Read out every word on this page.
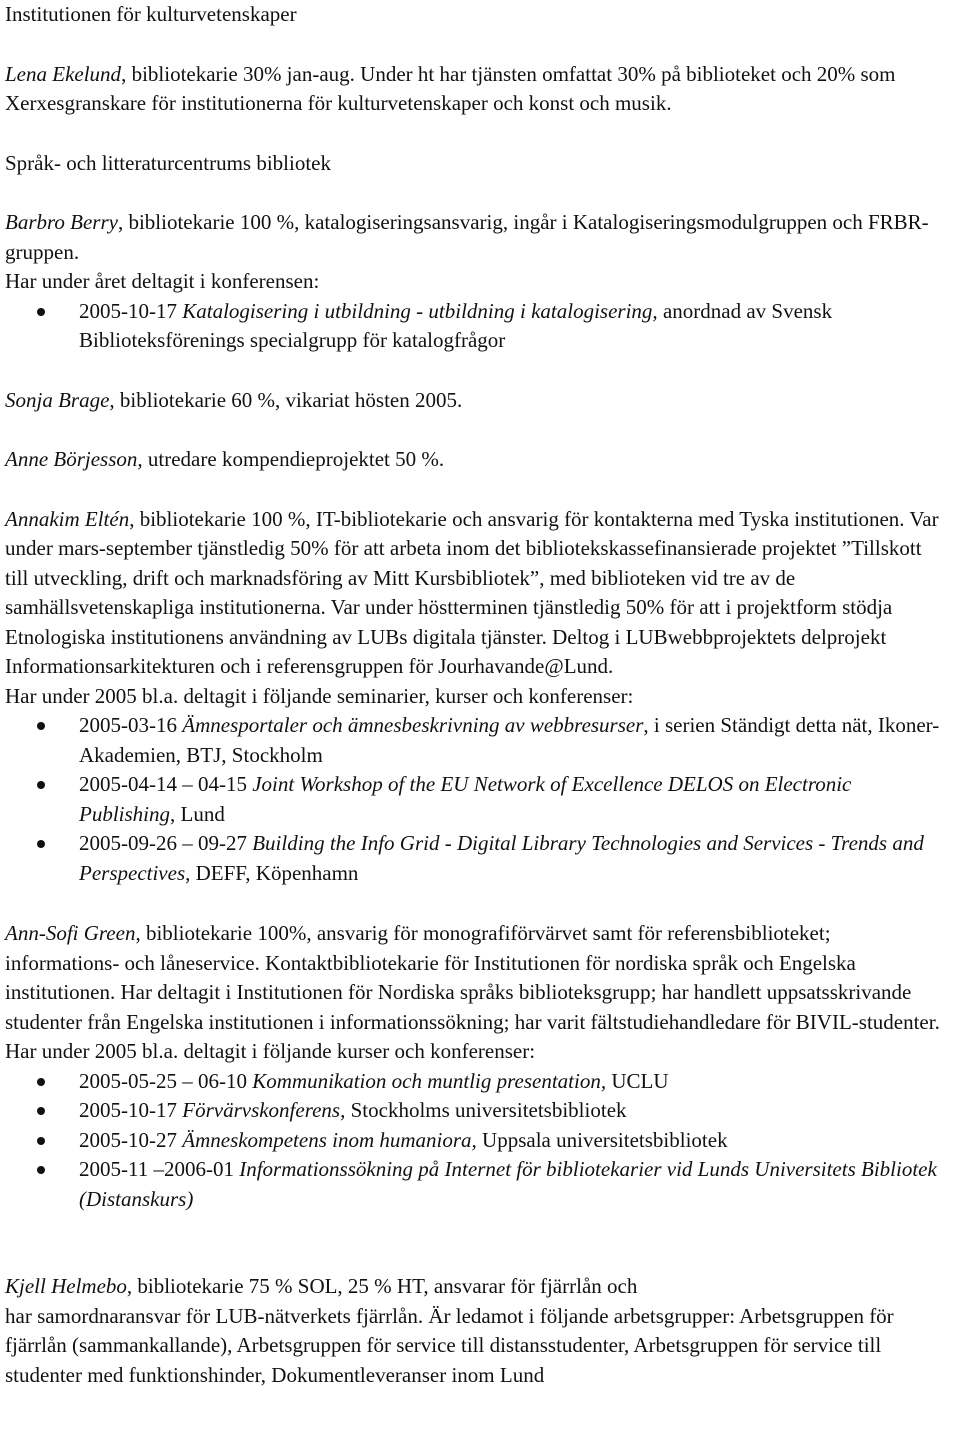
Institutionen för kulturvetenskaper

Lena Ekelund, bibliotekarie 30% jan-aug. Under ht har tjänsten omfattat 30% på biblioteket och 20% som Xerxesgranskare för institutionerna för kulturvetenskaper och konst och musik.

Språk- och litteraturcentrums bibliotek

Barbro Berry, bibliotekarie 100 %, katalogiseringsansvarig, ingår i Katalogiseringsmodulgruppen och FRBR-gruppen.

Har under året deltagit i konferensen:

2005-10-17 Katalogisering i utbildning - utbildning i katalogisering, anordnad av Svensk Biblioteksförenings specialgrupp för katalogfrågor

Sonja Brage, bibliotekarie 60 %, vikariat hösten 2005.

Anne Börjesson, utredare kompendieprojektet 50 %.

Annakim Eltén, bibliotekarie 100 %, IT-bibliotekarie och ansvarig för kontakterna med Tyska institutionen. Var under mars-september tjänstledig 50% för att arbeta inom det bibliotekskassefinansierade projektet ”Tillskott till utveckling, drift och marknadsföring av Mitt Kursbibliotek”, med biblioteken vid tre av de samhällsvetenskapliga institutionerna. Var under höstterminen tjänstledig 50% för att i projektform stödja Etnologiska institutionens användning av LUBs digitala tjänster. Deltog i LUBwebbprojektets delprojekt Informationsarkitekturen och i referensgruppen för Jourhavande@Lund.

Har under 2005 bl.a. deltagit i följande seminarier, kurser och konferenser:

2005-03-16 Ämnesportaler och ämnesbeskrivning av webbresurser, i serien Ständigt detta nät, Ikoner-Akademien, BTJ, Stockholm
2005-04-14 – 04-15 Joint Workshop of the EU Network of Excellence DELOS on Electronic Publishing, Lund
2005-09-26 – 09-27 Building the Info Grid - Digital Library Technologies and Services - Trends and Perspectives, DEFF, Köpenhamn

Ann-Sofi Green, bibliotekarie 100%, ansvarig för monografiförvärvet samt för referensbiblioteket; informations- och låneservice. Kontaktbibliotekarie för Institutionen för nordiska språk och Engelska institutionen. Har deltagit i Institutionen för Nordiska språks biblioteksgrupp; har handlett uppsatsskrivande studenter från Engelska institutionen i informationssökning; har varit fältstudiehandledare för BIVIL-studenter.

Har under 2005 bl.a. deltagit i följande kurser och konferenser:

2005-05-25 – 06-10 Kommunikation och muntlig presentation, UCLU
2005-10-17 Förvärvskonferens, Stockholms universitetsbibliotek
2005-10-27 Ämneskompetens inom humaniora, Uppsala universitetsbibliotek
2005-11 –2006-01 Informationssökning på Internet för bibliotekarier vid Lunds Universitets Bibliotek (Distanskurs)

Kjell Helmebo, bibliotekarie 75 % SOL, 25 % HT, ansvarar för fjärrlån och

har samordnaransvar för LUB-nätverkets fjärrlån. Är ledamot i följande arbetsgrupper: Arbetsgruppen för fjärrlån (sammankallande), Arbetsgruppen för service till distansstudenter, Arbetsgruppen för service till studenter med funktionshinder, Dokumentleveranser inom Lund
